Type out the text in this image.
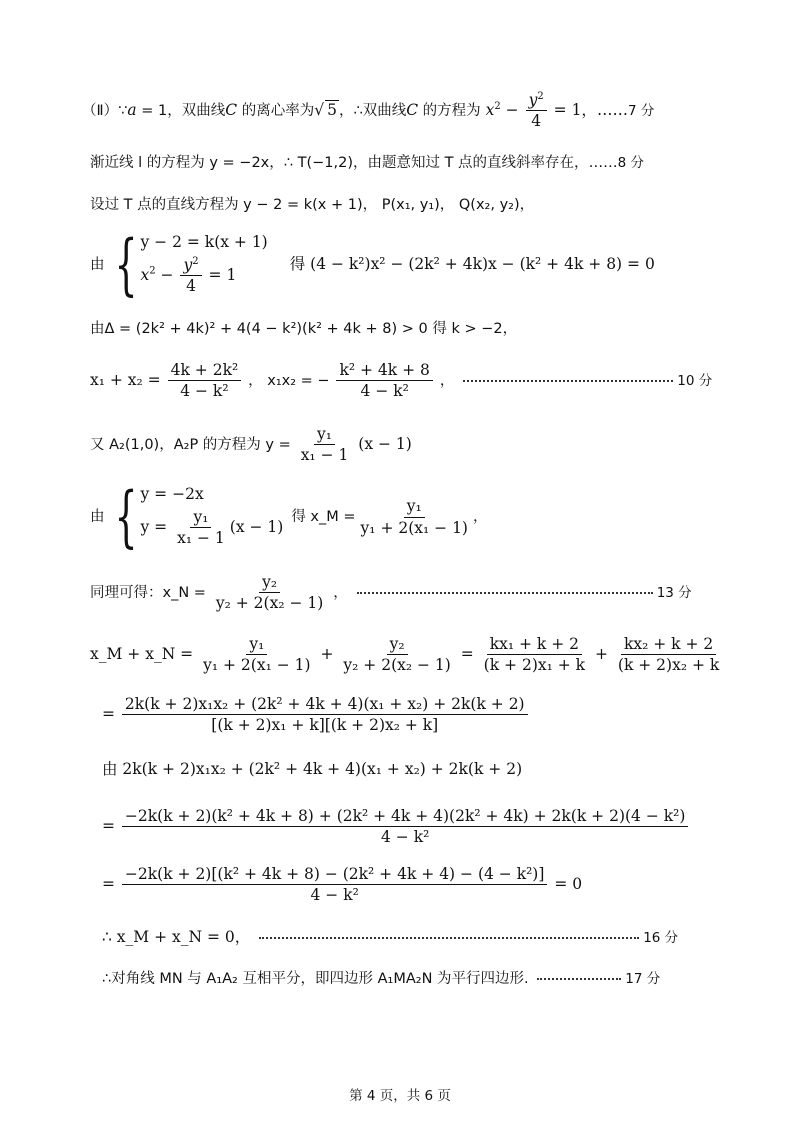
（Ⅱ）∵a = 1，双曲线C 的离心率为√ 5 ，∴双曲线C 的方程为 $x^2 - \frac{y^2}{4} = 1$，……7 分
渐近线 l 的方程为 y = −2x，∴ T(−1,2)，由题意知过 T 点的直线斜率存在，……8 分
设过 T 点的直线方程为 y − 2 = k(x + 1)， P(x₁, y₁)， Q(x₂, y₂)，
由 { y − 2 = k(x + 1)
$x^2 - \frac{y^2}{4} = 1$
得 (4 − k²)x² − (2k² + 4k)x − (k² + 4k + 8) = 0
由Δ = (2k² + 4k)² + 4(4 − k²)(k² + 4k + 8) > 0 得 k > −2，
$x_1 + x_2 = \frac{\text{4k + 2k²}}{\text{4 − k²}}$ ， x₁x₂ = − $\frac{\text{k² + 4k + 8}}{\text{4 − k²}}$ ，	10 分
又 A₂(1,0)，A₂P 的方程为 $y = \frac{\text{y₁}}{\text{x₁ − 1}} (x - 1)$
由 { y = −2x
$y = \frac{\text{y₁}}{\text{x₁ − 1}} (x - 1)$
得 x_M = $\frac{\text{y₁}}{\text{y₁ + 2(x₁ − 1)}}$ ，
同理可得：x_N = $\frac{\text{y₂}}{\text{y₂ + 2(x₂ − 1)}}$ ，	13 分
x_M + x_N = $\frac{\text{y₁}}{\text{y₁ + 2(x₁ − 1)}} + \frac{\text{y₂}}{\text{y₂ + 2(x₂ − 1)}} = \frac{\text{kx₁ + k + 2}}{\text{(k + 2)x₁ + k}} + \frac{\text{kx₂ + k + 2}}{\text{(k + 2)x₂ + k}}$
= $\frac{\text{2k(k + 2)x₁x₂ + (2k² + 4k + 4)(x₁ + x₂) + 2k(k + 2)}}{\text{[(k + 2)x₁ + k][(k + 2)x₂ + k]}}$
由 2k(k + 2)x₁x₂ + (2k² + 4k + 4)(x₁ + x₂) + 2k(k + 2)
=
−2k(k + 2)(k² + 4k + 8) + (2k² + 4k + 4)(2k² + 4k) + 2k(k + 2)(4 − k²)
4 − k²
= $\frac{\text{−2k(k + 2)[(k² + 4k + 8) − (2k² + 4k + 4) − (4 − k²)]}}{\text{4 − k²}} = 0$
∴ x_M + x_N = 0，	16 分
∴对角线 MN 与 A₁A₂ 互相平分，即四边形 A₁MA₂N 为平行四边形.	17 分
第 4 页，共 6 页
